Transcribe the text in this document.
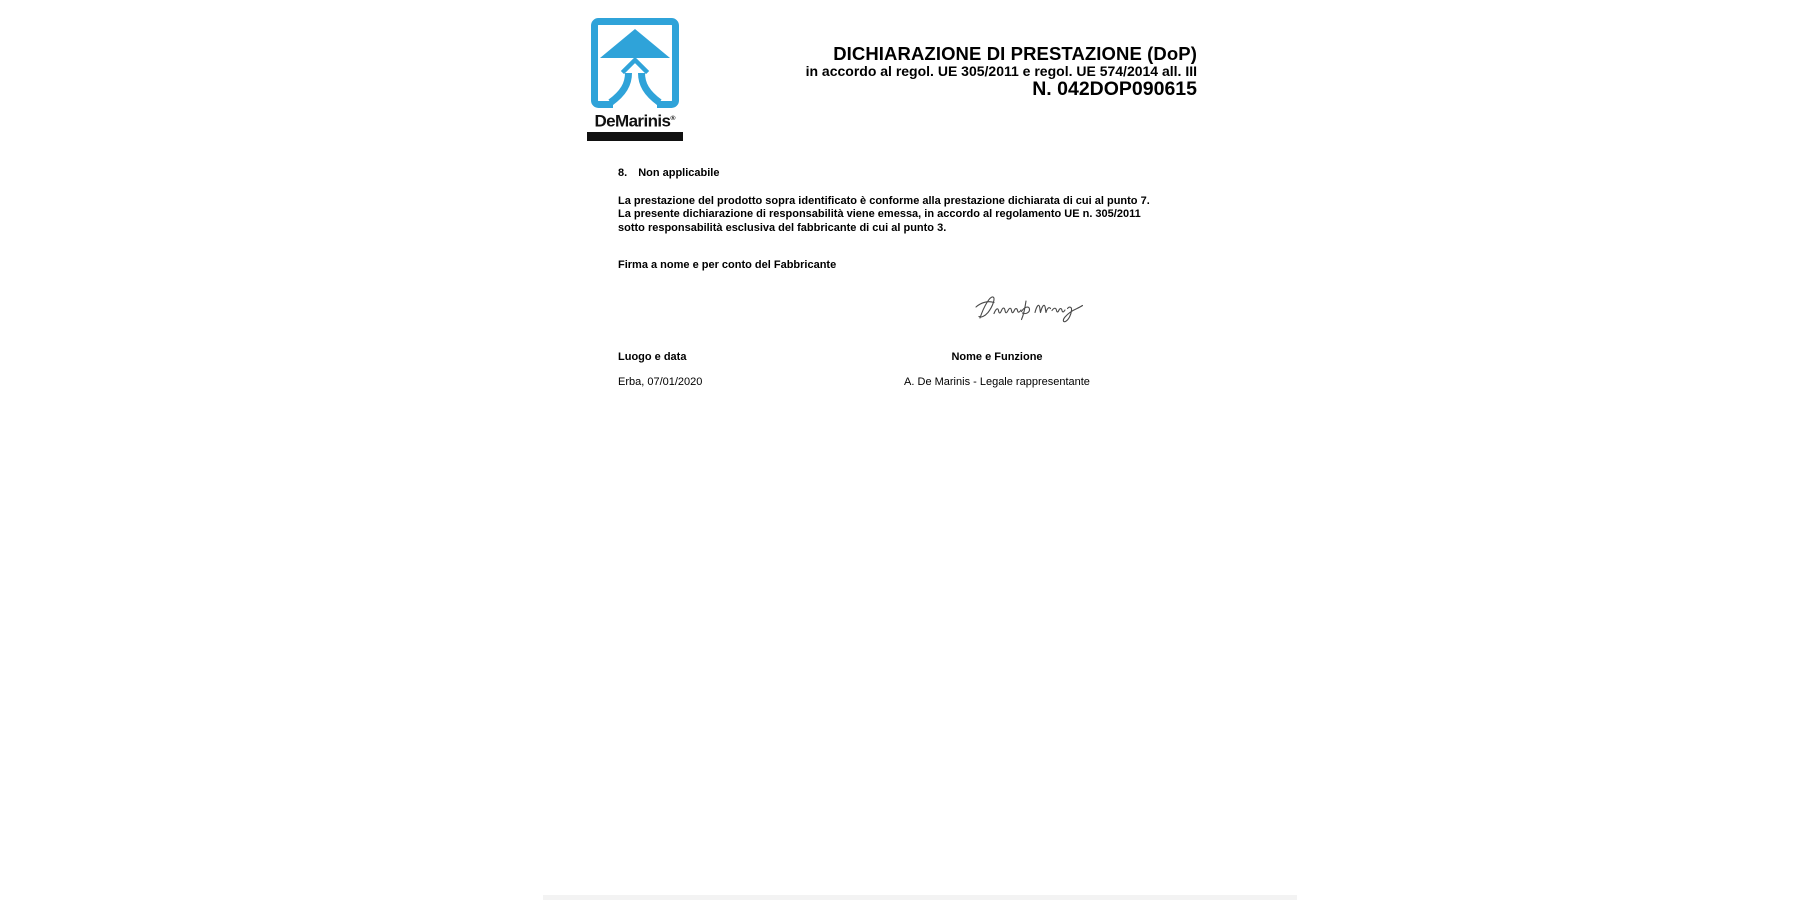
DeMarinis®
DICHIARAZIONE DI PRESTAZIONE (DoP)
in accordo al regol. UE 305/2011 e regol. UE 574/2014 all. III
N. 042DOP090615
8. Non applicabile
La prestazione del prodotto sopra identificato è conforme alla prestazione dichiarata di cui al punto 7.
La presente dichiarazione di responsabilità viene emessa, in accordo al regolamento UE n. 305/2011
sotto responsabilità esclusiva del fabbricante di cui al punto 3.
Firma a nome e per conto del Fabbricante
Luogo e data
Erba, 07/01/2020
Nome e Funzione
A. De Marinis - Legale rappresentante
